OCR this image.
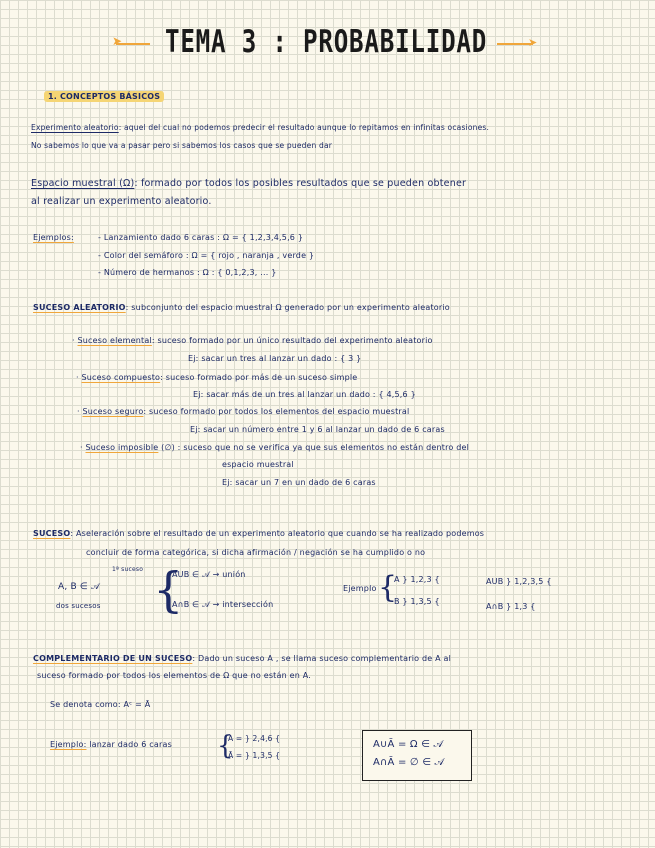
➤ TEMA 3 : PROBABILIDAD	➤
1. CONCEPTOS BÁSICOS
Experimento aleatorio: aquel del cual no podemos predecir el resultado aunque lo repitamos en infinitas ocasiones.
No sabemos lo que va a pasar pero si sabemos los casos que se pueden dar
Espacio muestral (Ω): formado por todos los posibles resultados que se pueden obtener
al realizar un experimento aleatorio.
Ejemplos:	- Lanzamiento dado 6 caras : Ω = { 1,2,3,4,5,6 }
- Color del semáforo : Ω = { rojo , naranja , verde }
- Número de hermanos : Ω : { 0,1,2,3, ... }
SUCESO ALEATORIO: subconjunto del espacio muestral Ω generado por un experimento aleatorio
· Suceso elemental: suceso formado por un único resultado del experimento aleatorio
Ej: sacar un tres al lanzar un dado : { 3 }
· Suceso compuesto: suceso formado por más de un suceso simple
Ej: sacar más de un tres al lanzar un dado : { 4,5,6 }
· Suceso seguro: suceso formado por todos los elementos del espacio muestral
Ej: sacar un número entre 1 y 6 al lanzar un dado de 6 caras
· Suceso imposible (∅) : suceso que no se verifica ya que sus elementos no están dentro del
espacio muestral
Ej: sacar un 7 en un dado de 6 caras
SUCESO: Aseleración sobre el resultado de un experimento aleatorio que cuando se ha realizado podemos
concluir de forma categórica, si dicha afirmación / negación se ha cumplido o no
1ª suceso
A, B ∈ 𝒜
dos sucesos {
AUB ∈ 𝒜 → unión
A∩B ∈ 𝒜 → intersección
Ejemplo {
A } 1,2,3 {
B } 1,3,5 {
AUB } 1,2,3,5 {
A∩B } 1,3 {
COMPLEMENTARIO DE UN SUCESO: Dado un suceso A , se llama suceso complementario de A al
suceso formado por todos los elementos de Ω que no están en A.
Se denota como: Aᶜ = Ā
Ejemplo: lanzar dado 6 caras {
A = } 2,4,6 {
Ā = } 1,3,5 {
A∪Ā = Ω ∈ 𝒜
A∩Ā = ∅ ∈ 𝒜
